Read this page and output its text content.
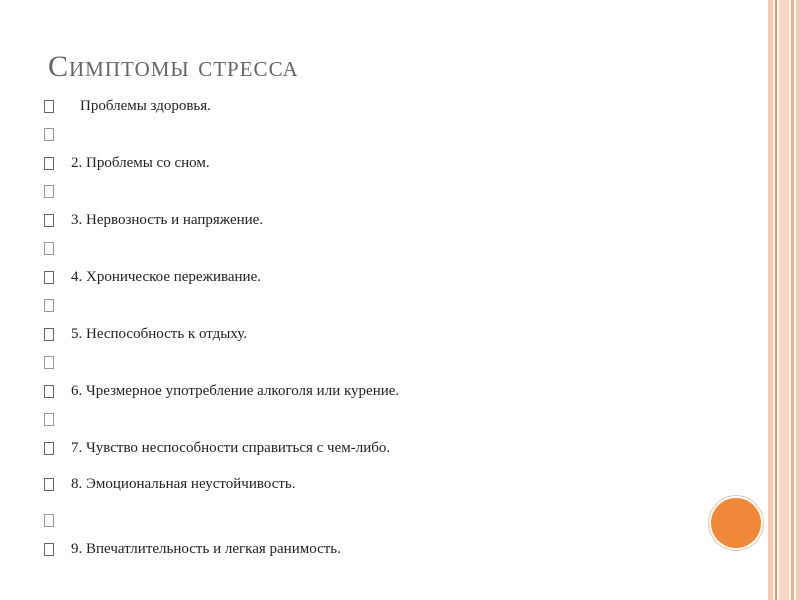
Симптомы стресса
Проблемы здоровья.
2. Проблемы со сном.
3. Нервозность и напряжение.
4. Хроническое переживание.
5. Неспособность к отдыху.
6. Чрезмерное употребление алкоголя или курение.
7. Чувство неспособности справиться с чем-либо.
8. Эмоциональная неустойчивость.
9. Впечатлительность и легкая ранимость.
